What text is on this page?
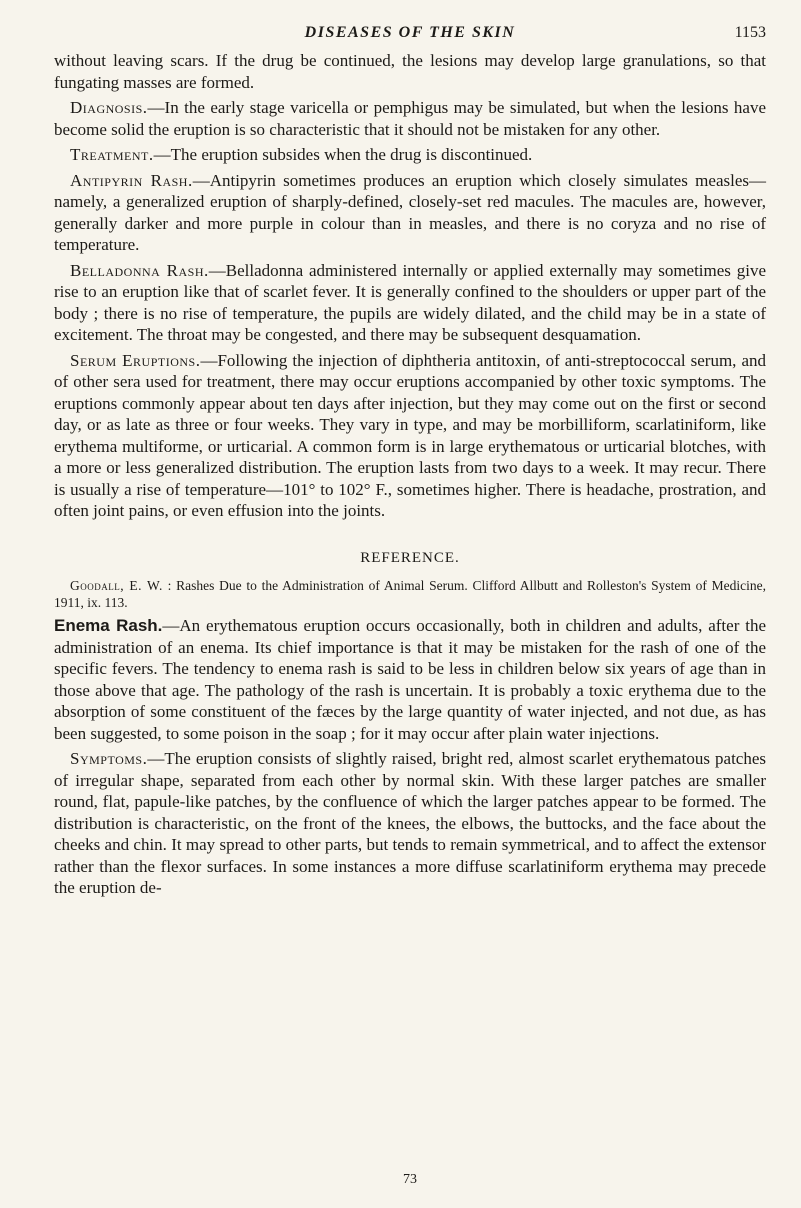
DISEASES OF THE SKIN	1153

without leaving scars. If the drug be continued, the lesions may develop large granulations, so that fungating masses are formed.

Diagnosis.—In the early stage varicella or pemphigus may be simulated, but when the lesions have become solid the eruption is so characteristic that it should not be mistaken for any other.

Treatment.—The eruption subsides when the drug is discontinued.

Antipyrin Rash.—Antipyrin sometimes produces an eruption which closely simulates measles—namely, a generalized eruption of sharply-defined, closely-set red macules. The macules are, however, generally darker and more purple in colour than in measles, and there is no coryza and no rise of temperature.

Belladonna Rash.—Belladonna administered internally or applied externally may sometimes give rise to an eruption like that of scarlet fever. It is generally confined to the shoulders or upper part of the body ; there is no rise of temperature, the pupils are widely dilated, and the child may be in a state of excitement. The throat may be congested, and there may be subsequent desquamation.

Serum Eruptions.—Following the injection of diphtheria antitoxin, of anti-streptococcal serum, and of other sera used for treatment, there may occur eruptions accompanied by other toxic symptoms. The eruptions commonly appear about ten days after injection, but they may come out on the first or second day, or as late as three or four weeks. They vary in type, and may be morbilliform, scarlatiniform, like erythema multiforme, or urticarial. A common form is in large erythematous or urticarial blotches, with a more or less generalized distribution. The eruption lasts from two days to a week. It may recur. There is usually a rise of temperature—101° to 102° F., sometimes higher. There is headache, prostration, and often joint pains, or even effusion into the joints.

REFERENCE.

Goodall, E. W. : Rashes Due to the Administration of Animal Serum. Clifford Allbutt and Rolleston's System of Medicine, 1911, ix. 113.

Enema Rash.—An erythematous eruption occurs occasionally, both in children and adults, after the administration of an enema. Its chief importance is that it may be mistaken for the rash of one of the specific fevers. The tendency to enema rash is said to be less in children below six years of age than in those above that age. The pathology of the rash is uncertain. It is probably a toxic erythema due to the absorption of some constituent of the fæces by the large quantity of water injected, and not due, as has been suggested, to some poison in the soap ; for it may occur after plain water injections.

Symptoms.—The eruption consists of slightly raised, bright red, almost scarlet erythematous patches of irregular shape, separated from each other by normal skin. With these larger patches are smaller round, flat, papule-like patches, by the confluence of which the larger patches appear to be formed. The distribution is characteristic, on the front of the knees, the elbows, the buttocks, and the face about the cheeks and chin. It may spread to other parts, but tends to remain symmetrical, and to affect the extensor rather than the flexor surfaces. In some instances a more diffuse scarlatiniform erythema may precede the eruption de-

73
